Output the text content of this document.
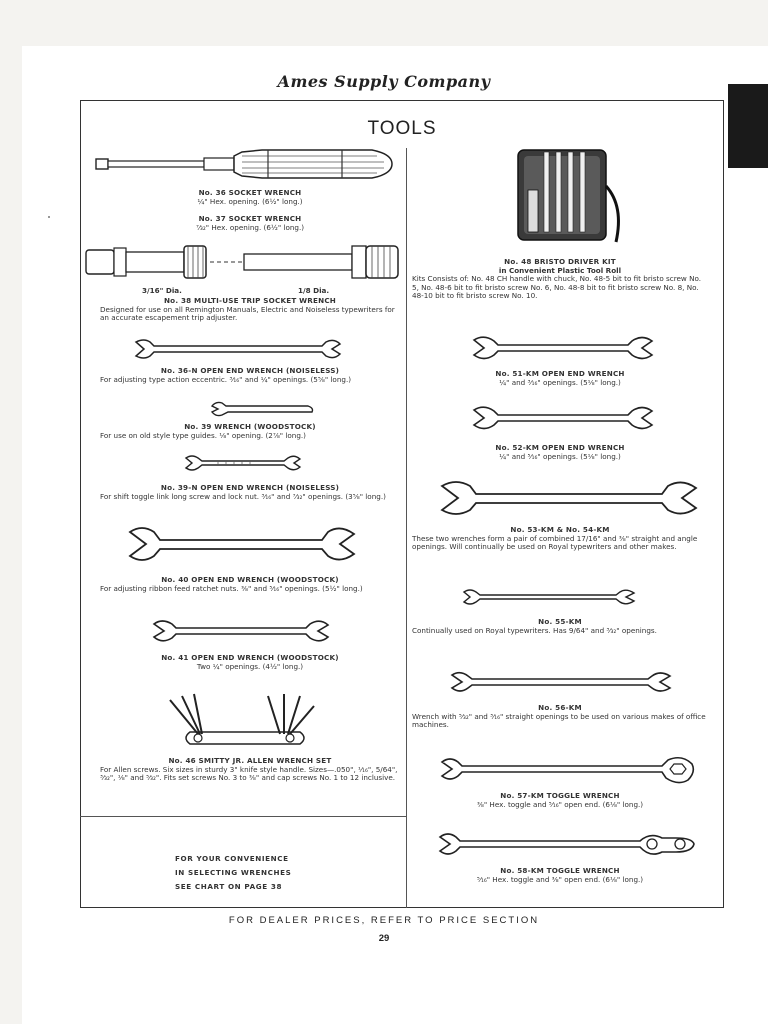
Ames Supply Company
TOOLS
No. 36 SOCKET WRENCH
¼" Hex. opening. (6½" long.)
No. 37 SOCKET WRENCH
⁷⁄₃₂" Hex. opening. (6½" long.)
3/16" Dia.	1/8 Dia.
No. 38 MULTI-USE TRIP SOCKET WRENCH
Designed for use on all Remington Manuals, Electric and Noiseless typewriters for an accurate escapement trip adjuster.
No. 36-N OPEN END WRENCH (NOISELESS)
For adjusting type action eccentric. ³⁄₁₆" and ¼" openings. (5⅝" long.)
No. 39 WRENCH (WOODSTOCK)
For use on old style type guides. ⅛" opening. (2⅞" long.)
No. 39-N OPEN END WRENCH (NOISELESS)
For shift toggle link long screw and lock nut. ³⁄₁₆" and ⁷⁄₃₂" openings. (3⅝" long.)
No. 40 OPEN END WRENCH (WOODSTOCK)
For adjusting ribbon feed ratchet nuts. ⅜" and ⁵⁄₁₆" openings. (5½" long.)
No. 41 OPEN END WRENCH (WOODSTOCK)
Two ¼" openings. (4½" long.)
No. 46 SMITTY JR. ALLEN WRENCH SET
For Allen screws. Six sizes in sturdy 3" knife style handle. Sizes—.050", ¹⁄₁₆", 5/64", ³⁄₃₂", ⅛" and ⁵⁄₃₂". Fits set screws No. 3 to ⅜" and cap screws No. 1 to 12 inclusive.
FOR YOUR CONVENIENCE
IN SELECTING WRENCHES
SEE CHART ON PAGE 38
No. 48 BRISTO DRIVER KIT
in Convenient Plastic Tool Roll
Kits Consists of: No. 48 CH handle with chuck, No. 48-5 bit to fit bristo screw No. 5, No. 48-6 bit to fit bristo screw No. 6, No. 48-8 bit to fit bristo screw No. 8, No. 48-10 bit to fit bristo screw No. 10.
No. 51-KM OPEN END WRENCH
¼" and ³⁄₁₆" openings. (5⅛" long.)
No. 52-KM OPEN END WRENCH
¼" and ⁵⁄₁₆" openings. (5⅛" long.)
No. 53-KM & No. 54-KM
These two wrenches form a pair of combined 17/16" and ⅜" straight and angle openings. Will continually be used on Royal typewriters and other makes.
No. 55-KM
Continually used on Royal typewriters. Has 9/64" and ³⁄₃₂" openings.
No. 56-KM
Wrench with ⁵⁄₃₂" and ³⁄₁₆" straight openings to be used on various makes of office machines.
No. 57-KM TOGGLE WRENCH
⅜" Hex. toggle and ⁵⁄₁₆" open end. (6⅛" long.)
No. 58-KM TOGGLE WRENCH
⁵⁄₁₆" Hex. toggle and ⅜" open end. (6⅛" long.)
FOR DEALER PRICES, REFER TO PRICE SECTION
29
